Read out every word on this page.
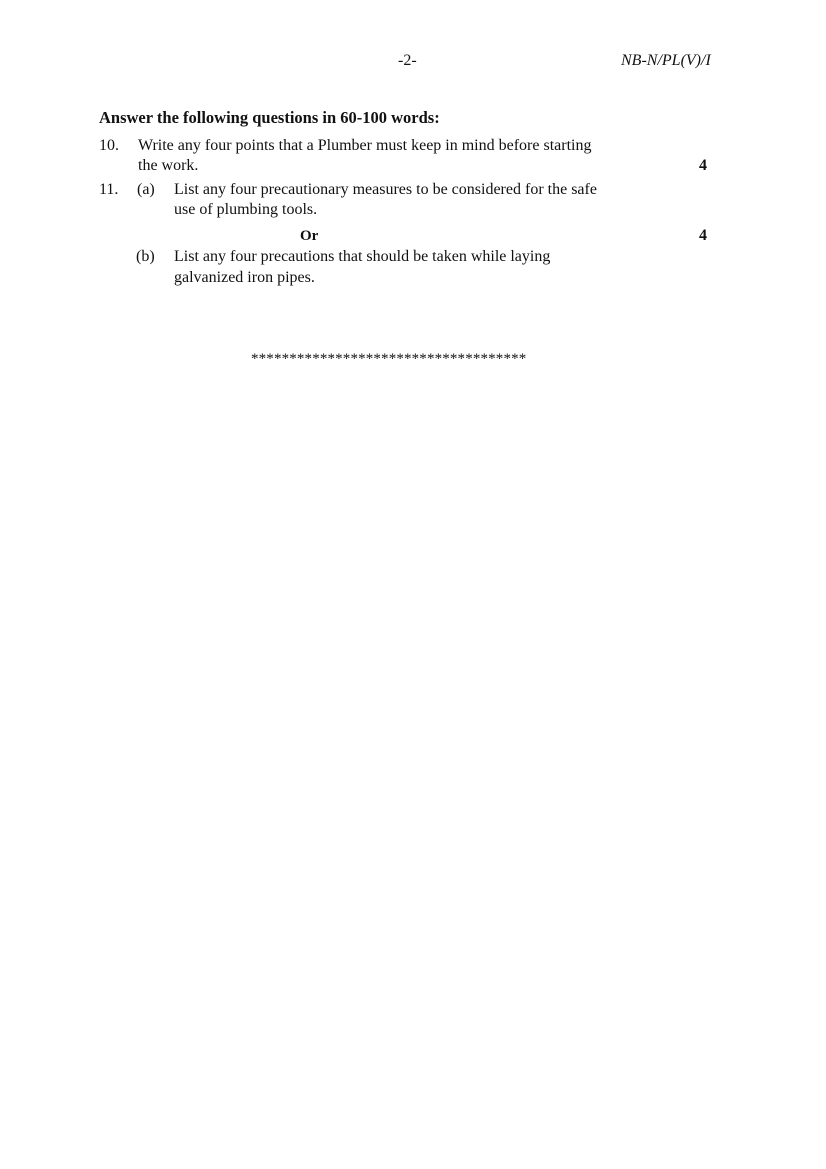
-2-	NB-N/PL(V)/I
Answer the following questions in 60-100 words:
10. Write any four points that a Plumber must keep in mind before starting
the work.	4
11. (a) List any four precautionary measures to be considered for the safe
use of plumbing tools.
Or	4
(b) List any four precautions that should be taken while laying
galvanized iron pipes.
************************************
